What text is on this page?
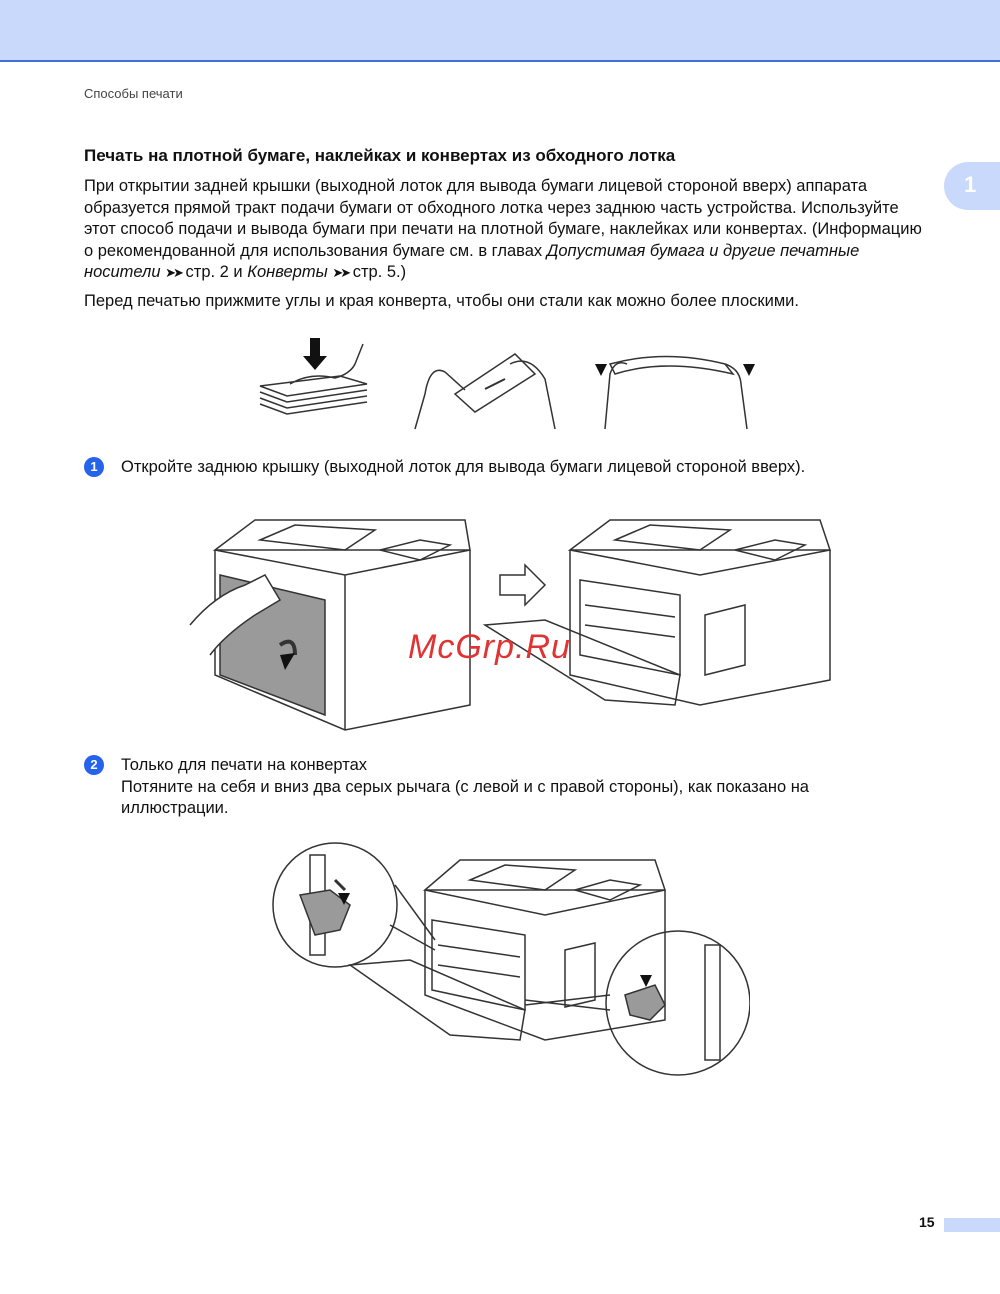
Способы печати
1
Печать на плотной бумаге, наклейках и конвертах из обходного лотка
При открытии задней крышки (выходной лоток для вывода бумаги лицевой стороной вверх) аппарата образуется прямой тракт подачи бумаги от обходного лотка через заднюю часть устройства. Используйте этот способ подачи и вывода бумаги при печати на плотной бумаге, наклейках или конвертах. (Информацию о рекомендованной для использования бумаге см. в главах Допустимая бумага и другие печатные носители ➤➤ стр. 2 и Конверты ➤➤ стр. 5.)
Перед печатью прижмите углы и края конверта, чтобы они стали как можно более плоскими.
1	Откройте заднюю крышку (выходной лоток для вывода бумаги лицевой стороной вверх).
McGrp.Ru
2	Только для печати на конвертах
Потяните на себя и вниз два серых рычага (с левой и с правой стороны), как показано на иллюстрации.
15
